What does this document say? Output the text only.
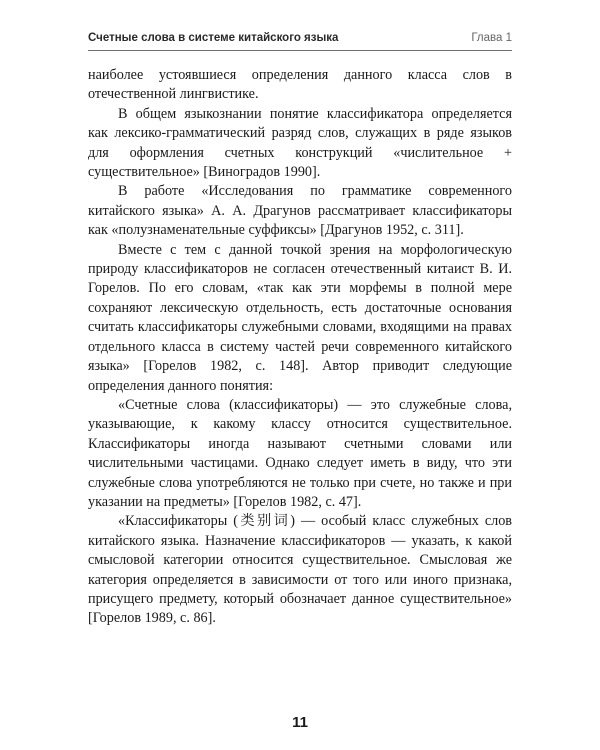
Счетные слова в системе китайского языка	Глава 1

наиболее устоявшиеся определения данного класса слов в отечественной лингвистике.

В общем языкознании понятие классификатора определяется как лексико-грамматический разряд слов, служащих в ряде языков для оформления счетных конструкций «числительное + существительное» [Виноградов 1990].

В работе «Исследования по грамматике современного китайского языка» А. А. Драгунов рассматривает классификаторы как «полузнаменательные суффиксы» [Драгунов 1952, с. 311].

Вместе с тем с данной точкой зрения на морфологическую природу классификаторов не согласен отечественный китаист В. И. Горелов. По его словам, «так как эти морфемы в полной мере сохраняют лексическую отдельность, есть достаточные основания считать классификаторы служебными словами, входящими на правах отдельного класса в систему частей речи современного китайского языка» [Горелов 1982, с. 148]. Автор приводит следующие определения данного понятия:

«Счетные слова (классификаторы) — это служебные слова, указывающие, к какому классу относится существительное. Классификаторы иногда называют счетными словами или числительными частицами. Однако следует иметь в виду, что эти служебные слова употребляются не только при счете, но также и при указании на предметы» [Горелов 1982, с. 47].

«Классификаторы (类别词) — особый класс служебных слов китайского языка. Назначение классификаторов — указать, к какой смысловой категории относится существительное. Смысловая же категория определяется в зависимости от того или иного признака, присущего предмету, который обозначает данное существительное» [Горелов 1989, с. 86].

11
